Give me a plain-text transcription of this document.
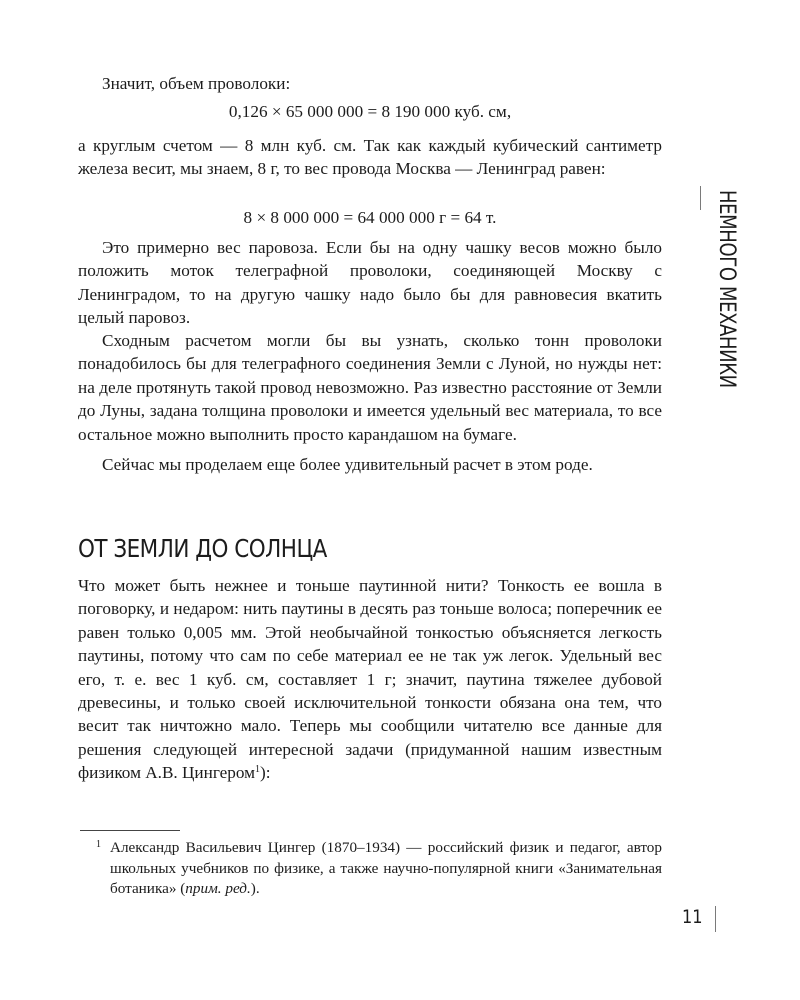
НЕМНОГО МЕХАНИКИ

Значит, объем проволоки:

0,126 × 65 000 000 = 8 190 000 куб. см,

а круглым счетом — 8 млн куб. см. Так как каждый кубический сантиметр железа весит, мы знаем, 8 г, то вес провода Москва — Ленинград равен:

8 × 8 000 000 = 64 000 000 г = 64 т.

Это примерно вес паровоза. Если бы на одну чашку весов можно было положить моток телеграфной проволоки, соединяющей Москву с Ленинградом, то на другую чашку надо было бы для равновесия вкатить целый паровоз.

Сходным расчетом могли бы вы узнать, сколько тонн проволоки понадобилось бы для телеграфного соединения Земли с Луной, но нужды нет: на деле протянуть такой провод невозможно. Раз известно расстояние от Земли до Луны, задана толщина проволоки и имеется удельный вес материала, то все остальное можно выполнить просто карандашом на бумаге.

Сейчас мы проделаем еще более удивительный расчет в этом роде.

ОТ ЗЕМЛИ ДО СОЛНЦА

Что может быть нежнее и тоньше паутинной нити? Тонкость ее вошла в поговорку, и недаром: нить паутины в десять раз тоньше волоса; поперечник ее равен только 0,005 мм. Этой необычайной тонкостью объясняется легкость паутины, потому что сам по себе материал ее не так уж легок. Удельный вес его, т. е. вес 1 куб. см, составляет 1 г; значит, паутина тяжелее дубовой древесины, и только своей исключительной тонкости обязана она тем, что весит так ничтожно мало. Теперь мы сообщили читателю все данные для решения следующей интересной задачи (придуманной нашим известным физиком А.В. Цингером$^1$):

1 Александр Васильевич Цингер (1870–1934) — российский физик и педагог, автор школьных учебников по физике, а также научно-популярной книги «Занимательная ботаника» (прим. ред.).

11
